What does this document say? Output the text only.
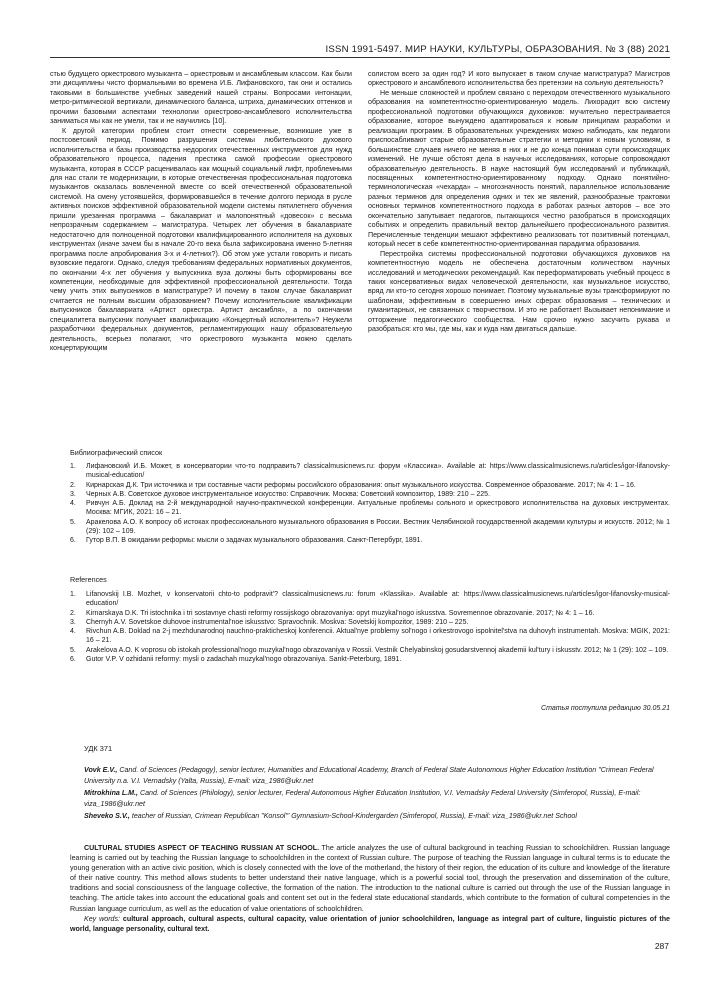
ISSN 1991-5497. МИР НАУКИ, КУЛЬТУРЫ, ОБРАЗОВАНИЯ. № 3 (88) 2021

стью будущего оркестрового музыканта – оркестровым и ансамблевым классом. Как были эти дисциплины чисто формальными во времена И.Б. Лифановского, так они и остались таковыми в большинстве учебных заведений нашей страны. Вопросами интонации, метро-ритмической вертикали, динамического баланса, штриха, динамических оттенков и прочими базовыми аспектами технологии оркестрово-ансамблевого исполнительства заниматься мы как не умели, так и не научились [10].

К другой категории проблем стоит отнести современные, возникшие уже в постсоветский период. Помимо разрушения системы любительского духового исполнительства и базы производства недорогих отечественных инструментов для нужд образовательного процесса, падения престижа самой профессии оркестрового музыканта, которая в СССР расценивалась как мощный социальный лифт, проблемными для нас стали те модернизации, в которые отечественная профессиональная подготовка музыкантов оказалась вовлеченной вместе со всей отечественной образовательной системой. На смену устоявшейся, формировавшейся в течение долгого периода в русле активных поисков эффективной образовательной модели системы пятилетнего обучения пришли урезанная программа – бакалавриат и малопонятный «довесок» с весьма непрозрачным содержанием – магистратура. Четырех лет обучения в бакалавриате недостаточно для полноценной подготовки квалифицированного исполнителя на духовых инструментах (иначе зачем бы в начале 20-го века была зафиксирована именно 5-летняя программа после апробирования 3-х и 4-летних?). Об этом уже устали говорить и писать вузовские педагоги. Однако, следуя требованиям федеральных нормативных документов, по окончании 4-х лет обучения у выпускника вуза должны быть сформированы все компетенции, необходимые для эффективной профессиональной деятельности. Тогда чему учить этих выпускников в магистратуре? И почему в таком случае бакалавриат считается не полным высшим образованием? Почему исполнительские квалификации выпускников бакалавриата «Артист оркестра. Артист ансамбля», а по окончании специалитета выпускник получает квалификацию «Концертный исполнитель»? Неужели разработчики федеральных документов, регламентирующих нашу образовательную деятельность, всерьез полагают, что оркестрового музыканта можно сделать концертирующим

солистом всего за один год? И кого выпускает в таком случае магистратура? Магистров оркестрового и ансамблевого исполнительства без претензии на сольную деятельность?

Не меньше сложностей и проблем связано с переходом отечественного музыкального образования на компетентностно-ориентированную модель. Лихорадит всю систему профессиональной подготовки обучающихся духовиков: мучительно перестраивается образование, которое вынуждено адаптироваться к новым принципам разработки и реализации программ. В образовательных учреждениях можно наблюдать, как педагоги приспосабливают старые образовательные стратегии и методики к новым условиям, в большинстве случаев ничего не меняя в них и не до конца понимая сути происходящих изменений. Не лучше обстоят дела в научных исследованиях, которые сопровождают образовательную деятельность. В науке настоящий бум исследований и публикаций, посвященных компетентностно-ориентированному подходу. Однако понятийно-терминологическая «чехарда» – многозначность понятий, параллельное использование разных терминов для определения одних и тех же явлений, разнообразные трактовки основных терминов компетентностного подхода в работах разных авторов – все это окончательно запутывает педагогов, пытающихся честно разобраться в происходящих событиях и определить правильный вектор дальнейшего профессионального развития. Перечисленные тенденции мешают эффективно реализовать тот позитивный потенциал, который несет в себе компетентностно-ориентированная парадигма образования.

Перестройка системы профессиональной подготовки обучающихся духовиков на компетентностную модель не обеспечена достаточным количеством научных исследований и методических рекомендаций. Как переформатировать учебный процесс в таких консервативных видах человеческой деятельности, как музыкальное искусство, вряд ли кто-то сегодня хорошо понимает. Поэтому музыкальные вузы трансформируют по шаблонам, эффективным в совершенно иных сферах образования – технических и гуманитарных, не связанных с творчеством. И это не работает! Вызывает непонимание и отторжение педагогического сообщества. Нам срочно нужно засучить рукава и разобраться: кто мы, где мы, как и куда нам двигаться дальше.

Библиографический список
1. Лифановский И.Б. Может, в консерватории что-то подправить? classicalmusicnews.ru: форум «Классика». Available at: https://www.classicalmusicnews.ru/articles/igor-lifanovsky-musical-education/
2. Кирнарская Д.К. Три источника и три составные части реформы российского образования: опыт музыкального искусства. Современное образование. 2017; № 4: 1 – 16.
3. Черных А.В. Советское духовое инструментальное искусство: Справочник. Москва: Советский композитор, 1989: 210 – 225.
4. Ривчун А.Б. Доклад на 2-й международной научно-практической конференции. Актуальные проблемы сольного и оркестрового исполнительства на духовых инструментах. Москва: МГИК, 2021: 16 – 21.
5. Аракелова А.О. К вопросу об истоках профессионального музыкального образования в России. Вестник Челябинской государственной академии культуры и искусств. 2012; № 1 (29): 102 – 109.
6. Гутор В.П. В ожидании реформы: мысли о задачах музыкального образования. Санкт-Петербург, 1891.
References
1. Lifanovskij I.B. Mozhet, v konservatorii chto-to podpravit'? classicalmusicnews.ru: forum «Klassika». Available at: https://www.classicalmusicnews.ru/articles/igor-lifanovsky-musical-education/
2. Kirnarskaya D.K. Tri istochnika i tri sostavnye chasti reformy rossijskogo obrazovaniya: opyt muzykal'nogo iskusstva. Sovremennoe obrazovanie. 2017; № 4: 1 – 16.
3. Chernyh A.V. Sovetskoe duhovoe instrumental'noe iskusstvo: Spravochnik. Moskva: Sovetskij kompozitor, 1989: 210 – 225.
4. Rivchun A.B. Doklad na 2-j mezhdunarodnoj nauchno-prakticheskoj konferencii. Aktual'nye problemy sol'nogo i orkestrovogo ispolnitel'stva na duhovyh instrumentah. Moskva: MGIK, 2021: 16 – 21.
5. Arakelova A.O. K voprosu ob istokah professional'nogo muzykal'nogo obrazovaniya v Rossii. Vestnik Chelyabinskoj gosudarstvennoj akademii kul'tury i iskusstv. 2012; № 1 (29): 102 – 109.
6. Gutor V.P. V ozhidanii reformy: mysli o zadachah muzykal'nogo obrazovaniya. Sankt-Peterburg, 1891.
Статья поступила редакцию 30.05.21
УДК 371
Vovk E.V., Cand. of Sciences (Pedagogy), senior lecturer, Humanities and Educational Academy, Branch of Federal State Autonomous Higher Education Institution "Crimean Federal University n.a. V.I. Vernadsky (Yalta, Russia), E-mail: viza_1986@ukr.net
Mitrokhina L.M., Cand. of Sciences (Philology), senior lecturer, Federal Autonomous Higher Education Institution, V.I. Vernadsky Federal University (Simferopol, Russia), E-mail: viza_1986@ukr.net
Sheveko S.V., teacher of Russian, Crimean Republican "Konsol'" Gymnasium-School-Kindergarden (Simferopol, Russia), E-mail: viza_1986@ukr.net School
CULTURAL STUDIES ASPECT OF TEACHING RUSSIAN AT SCHOOL. The article analyzes the use of cultural background in teaching Russian to schoolchildren. Russian language learning is carried out by teaching the Russian language to schoolchildren in the context of Russian culture. The purpose of teaching the Russian language in cultural terms is to educate the young generation with an active civic position, which is closely connected with the love of the motherland, the history of their region, the education of its culture and knowledge of the literature of their native country. This method allows students to better understand their native language, which is a powerful social tool, through the preservation and dissemination of the culture, traditions and social consciousness of the language collective, the formation of the nation. The introduction to the national culture is carried out through the use of the Russian language in teaching. The article takes into account the educational goals and content set out in the federal state educational standards, which contribute to the formation of cultural competencies in the Russian language curriculum, as well as the education of value orientations of schoolchildren.
Key words: cultural approach, cultural aspects, cultural capacity, value orientation of junior schoolchildren, language as integral part of culture, linguistic pictures of the world, language personality, cultural text.
287
